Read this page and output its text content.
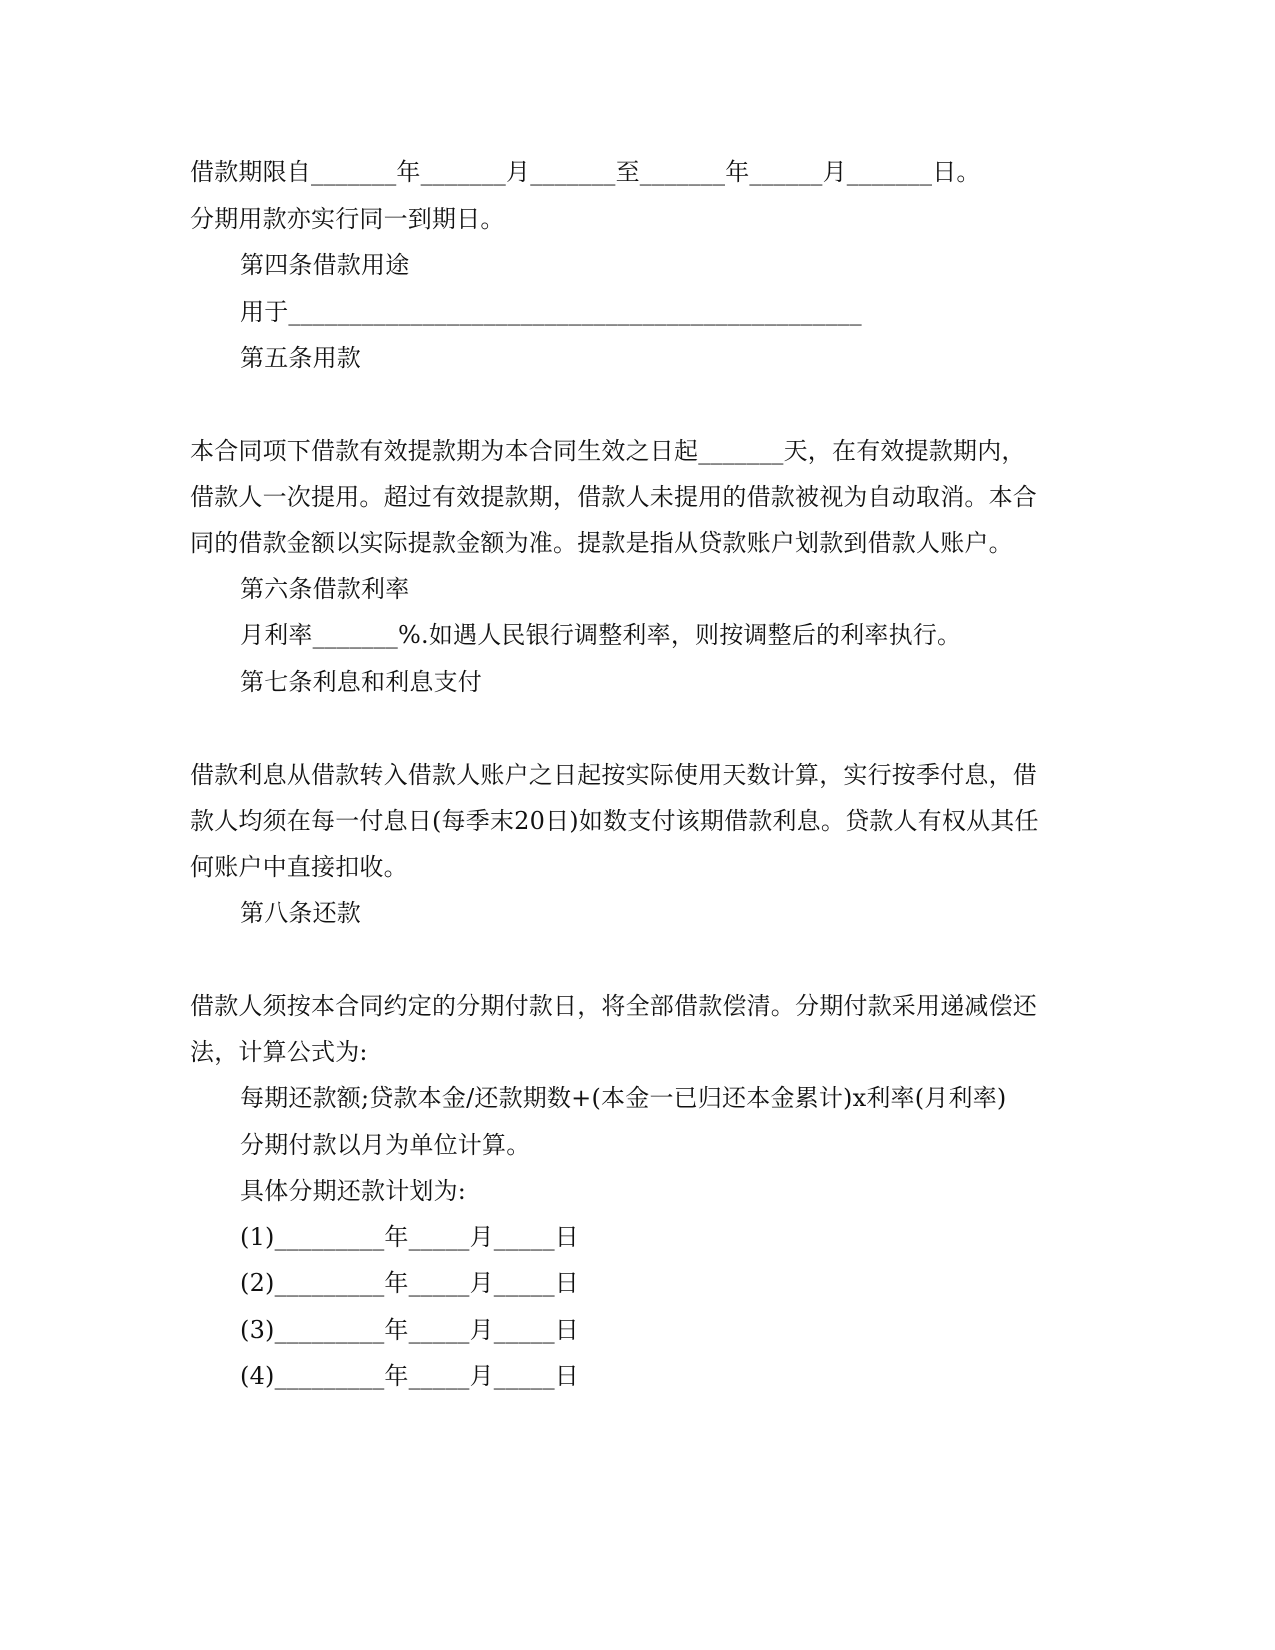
借款期限自_______年_______月_______至_______年______月_______日。
分期用款亦实行同一到期日。
第四条借款用途
用于_______________________________________________
第五条用款
本合同项下借款有效提款期为本合同生效之日起_______天，在有效提款期内，
借款人一次提用。超过有效提款期，借款人未提用的借款被视为自动取消。本合
同的借款金额以实际提款金额为准。提款是指从贷款账户划款到借款人账户。
第六条借款利率
月利率_______%.如遇人民银行调整利率，则按调整后的利率执行。
第七条利息和利息支付
借款利息从借款转入借款人账户之日起按实际使用天数计算，实行按季付息，借
款人均须在每一付息日(每季末20日)如数支付该期借款利息。贷款人有权从其任
何账户中直接扣收。
第八条还款
借款人须按本合同约定的分期付款日，将全部借款偿清。分期付款采用递减偿还
法，计算公式为:
每期还款额;贷款本金/还款期数+(本金一已归还本金累计)x利率(月利率)
分期付款以月为单位计算。
具体分期还款计划为:
(1)_________年_____月_____日
(2)_________年_____月_____日
(3)_________年_____月_____日
(4)_________年_____月_____日
